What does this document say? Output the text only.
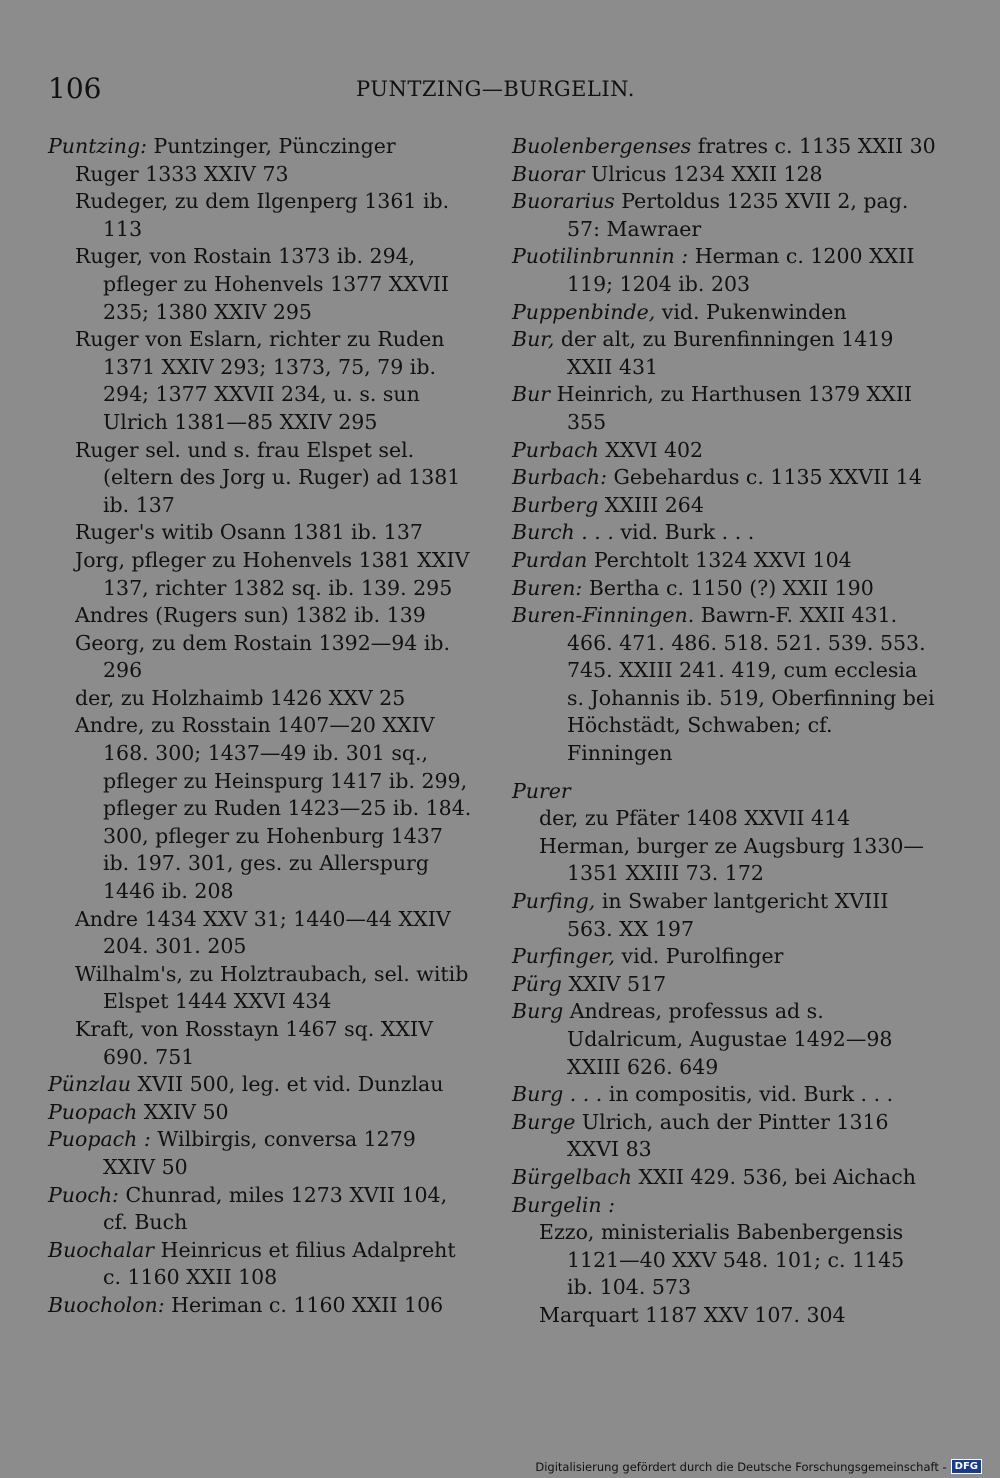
106	PUNTZING—BURGELIN.

Puntzing: Puntzinger, Pünczinger

Ruger 1333 XXIV 73

Rudeger, zu dem Ilgenperg 1361 ib. 113

Ruger, von Rostain 1373 ib. 294, pfleger zu Hohenvels 1377 XXVII 235; 1380 XXIV 295

Ruger von Eslarn, richter zu Ruden 1371 XXIV 293; 1373, 75, 79 ib. 294; 1377 XXVII 234, u. s. sun Ulrich 1381—85 XXIV 295

Ruger sel. und s. frau Elspet sel. (eltern des Jorg u. Ruger) ad 1381 ib. 137

Ruger's witib Osann 1381 ib. 137

Jorg, pfleger zu Hohenvels 1381 XXIV 137, richter 1382 sq. ib. 139. 295

Andres (Rugers sun) 1382 ib. 139

Georg, zu dem Rostain 1392—94 ib. 296

der, zu Holzhaimb 1426 XXV 25

Andre, zu Rosstain 1407—20 XXIV 168. 300; 1437—49 ib. 301 sq., pfleger zu Heinspurg 1417 ib. 299, pfleger zu Ruden 1423—25 ib. 184. 300, pfleger zu Hohenburg 1437 ib. 197. 301, ges. zu Allerspurg 1446 ib. 208

Andre 1434 XXV 31; 1440—44 XXIV 204. 301. 205

Wilhalm's, zu Holztraubach, sel. witib Elspet 1444 XXVI 434

Kraft, von Rosstayn 1467 sq. XXIV 690. 751

Pünzlau XVII 500, leg. et vid. Dunzlau

Puopach XXIV 50

Puopach : Wilbirgis, conversa 1279 XXIV 50

Puoch: Chunrad, miles 1273 XVII 104, cf. Buch

Buochalar Heinricus et filius Adalpreht c. 1160 XXII 108

Buocholon: Heriman c. 1160 XXII 106

Buolenbergenses fratres c. 1135 XXII 30

Buorar Ulricus 1234 XXII 128

Buorarius Pertoldus 1235 XVII 2, pag. 57: Mawraer

Puotilinbrunnin : Herman c. 1200 XXII 119; 1204 ib. 203

Puppenbinde, vid. Pukenwinden

Bur, der alt, zu Burenfinningen 1419 XXII 431

Bur Heinrich, zu Harthusen 1379 XXII 355

Purbach XXVI 402

Burbach: Gebehardus c. 1135 XXVII 14

Burberg XXIII 264

Burch . . . vid. Burk . . .

Purdan Perchtolt 1324 XXVI 104

Buren: Bertha c. 1150 (?) XXII 190

Buren-Finningen. Bawrn-F. XXII 431. 466. 471. 486. 518. 521. 539. 553. 745. XXIII 241. 419, cum ecclesia s. Johannis ib. 519, Oberfinning bei Höchstädt, Schwaben; cf. Finningen

Purer

der, zu Pfäter 1408 XXVII 414

Herman, burger ze Augsburg 1330—1351 XXIII 73. 172

Purfing, in Swaber lantgericht XVIII 563. XX 197

Purfinger, vid. Purolfinger

Pürg XXIV 517

Burg Andreas, professus ad s. Udalricum, Augustae 1492—98 XXIII 626. 649

Burg . . . in compositis, vid. Burk . . .

Burge Ulrich, auch der Pintter 1316 XXVI 83

Bürgelbach XXII 429. 536, bei Aichach

Burgelin :

Ezzo, ministerialis Babenbergensis 1121—40 XXV 548. 101; c. 1145 ib. 104. 573

Marquart 1187 XXV 107. 304

Digitalisierung gefördert durch die Deutsche Forschungsgemeinschaft - DFG
